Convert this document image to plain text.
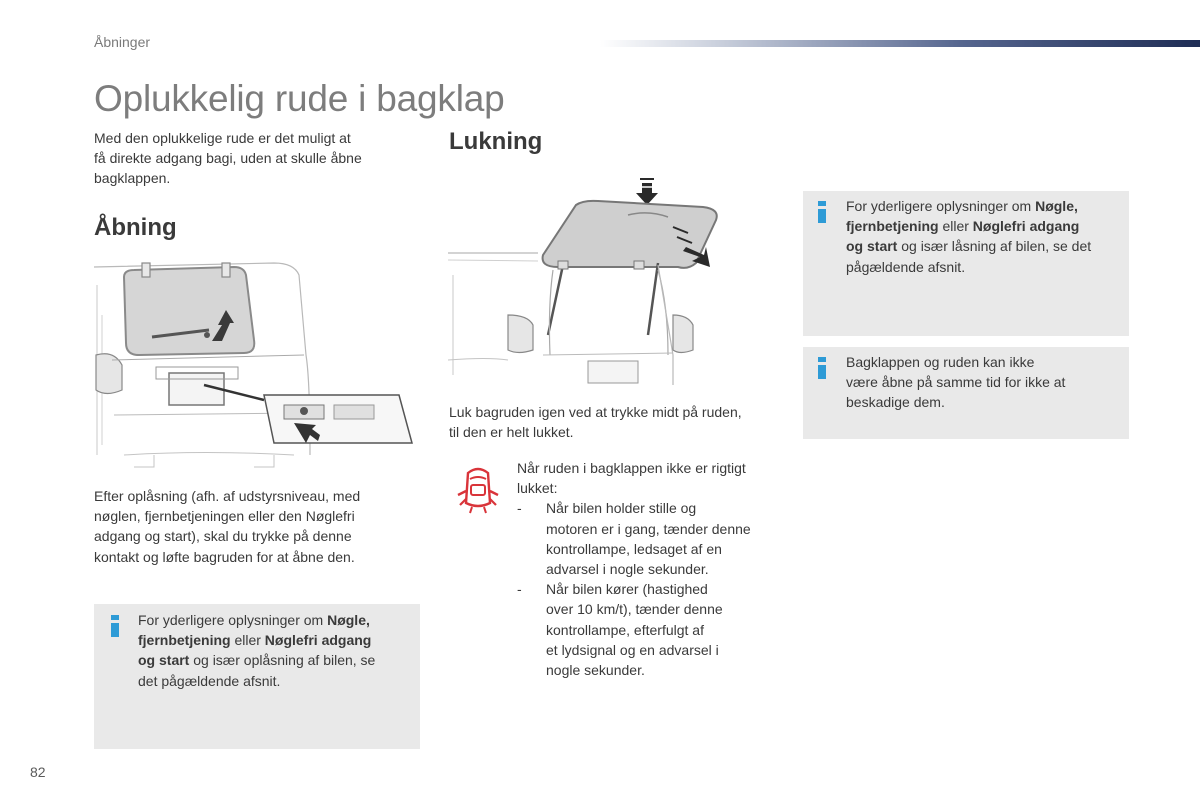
Åbninger
Oplukkelig rude i bagklap
Med den oplukkelige rude er det muligt at
få direkte adgang bagi, uden at skulle åbne
bagklappen.
Åbning
Efter oplåsning (afh. af udstyrsniveau, med
nøglen, fjernbetjeningen eller den Nøglefri
adgang og start), skal du trykke på denne
kontakt og løfte bagruden for at åbne den.
For yderligere oplysninger om Nøgle,
fjernbetjening eller Nøglefri adgang
og start og især oplåsning af bilen, se
det pågældende afsnit.
Lukning
Luk bagruden igen ved at trykke midt på ruden,
til den er helt lukket.
Når ruden i bagklappen ikke er rigtigt
lukket:
- Når bilen holder stille og
motoren er i gang, tænder denne
kontrollampe, ledsaget af en
advarsel i nogle sekunder.
- Når bilen kører (hastighed
over 10 km/t), tænder denne
kontrollampe, efterfulgt af
et lydsignal og en advarsel i
nogle sekunder.
For yderligere oplysninger om Nøgle,
fjernbetjening eller Nøglefri adgang
og start og især låsning af bilen, se det
pågældende afsnit.
Bagklappen og ruden kan ikke
være åbne på samme tid for ikke at
beskadige dem.
82
